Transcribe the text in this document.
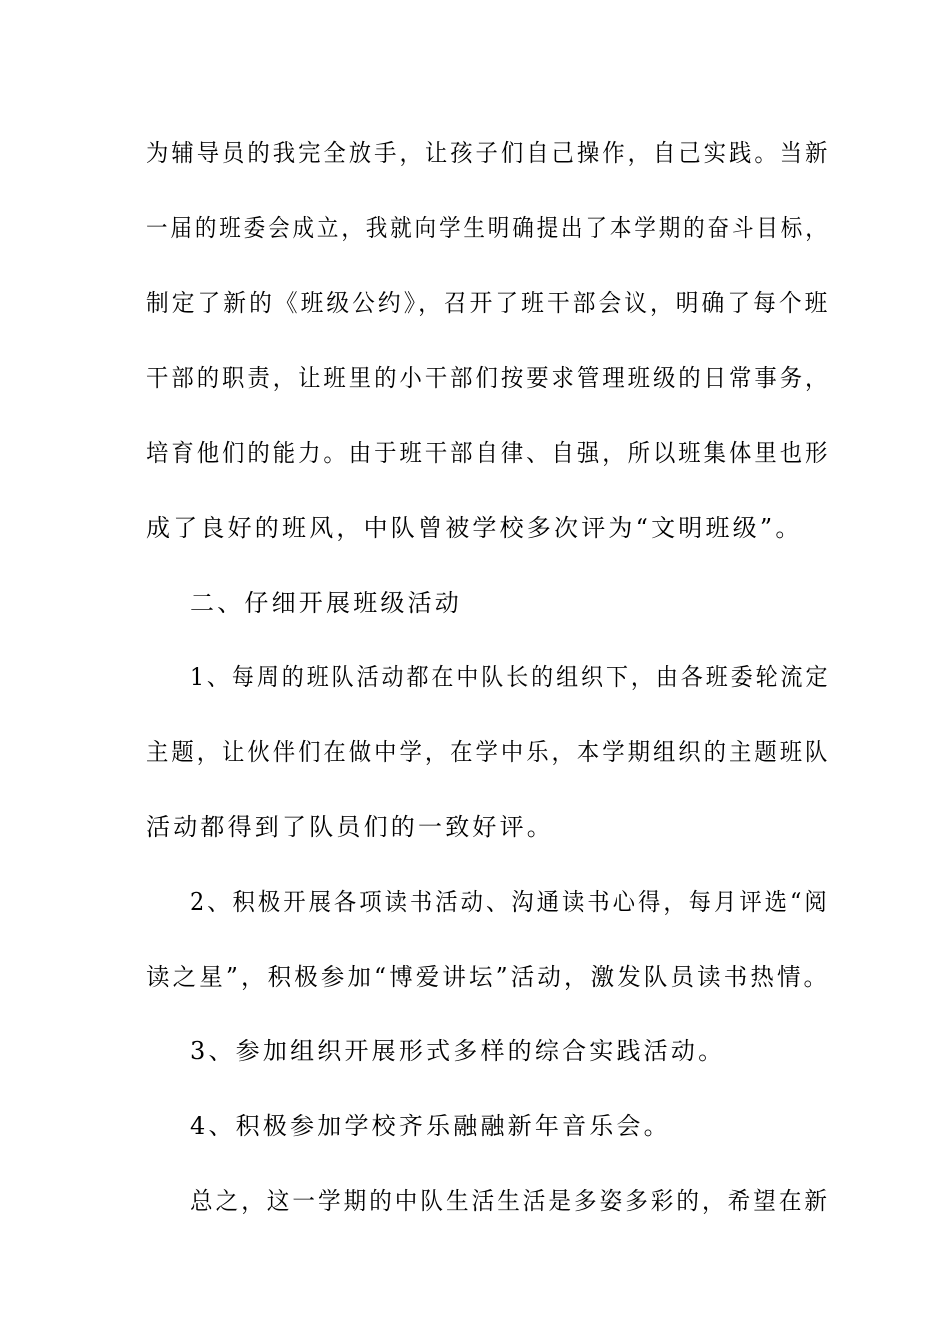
为辅导员的我完全放手，让孩子们自己操作，自己实践。当新
一届的班委会成立，我就向学生明确提出了本学期的奋斗目标，
制定了新的《班级公约》，召开了班干部会议，明确了每个班
干部的职责，让班里的小干部们按要求管理班级的日常事务，
培育他们的能力。由于班干部自律、自强，所以班集体里也形
成了良好的班风，中队曾被学校多次评为“文明班级”。
二、仔细开展班级活动
1、每周的班队活动都在中队长的组织下，由各班委轮流定
主题，让伙伴们在做中学，在学中乐，本学期组织的主题班队
活动都得到了队员们的一致好评。
2、积极开展各项读书活动、沟通读书心得，每月评选“阅
读之星”，积极参加“博爱讲坛”活动，激发队员读书热情。
3、参加组织开展形式多样的综合实践活动。
4、积极参加学校齐乐融融新年音乐会。
总之，这一学期的中队生活生活是多姿多彩的，希望在新
